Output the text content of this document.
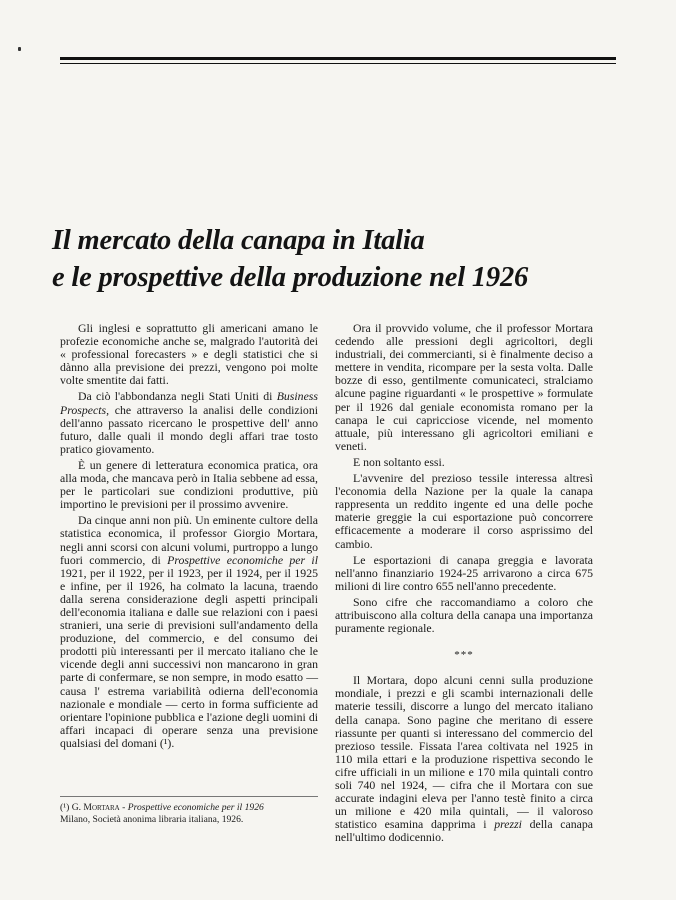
Il mercato della canapa in Italia
e le prospettive della produzione nel 1926

Gli inglesi e soprattutto gli americani amano le profezie economiche anche se, malgrado l'autorità dei « professional forecasters » e degli statistici che si dànno alla previsione dei prezzi, vengono poi molte volte smentite dai fatti.

Da ciò l'abbondanza negli Stati Uniti di Business Prospects, che attraverso la analisi delle condizioni dell'anno passato ricercano le prospettive dell' anno futuro, dalle quali il mondo degli affari trae tosto pratico giovamento.

È un genere di letteratura economica pratica, ora alla moda, che mancava però in Italia sebbene ad essa, per le particolari sue condizioni produttive, più importino le previsioni per il prossimo avvenire.

Da cinque anni non più. Un eminente cultore della statistica economica, il professor Giorgio Mortara, negli anni scorsi con alcuni volumi, purtroppo a lungo fuori commercio, di Prospettive economiche per il 1921, per il 1922, per il 1923, per il 1924, per il 1925 e infine, per il 1926, ha colmato la lacuna, traendo dalla serena considerazione degli aspetti principali dell'economia italiana e dalle sue relazioni con i paesi stranieri, una serie di previsioni sull'andamento della produzione, del commercio, e del consumo dei prodotti più interessanti per il mercato italiano che le vicende degli anni successivi non mancarono in gran parte di confermare, se non sempre, in modo esatto — causa l' estrema variabilità odierna dell'economia nazionale e mondiale — certo in forma sufficiente ad orientare l'opinione pubblica e l'azione degli uomini di affari incapaci di operare senza una previsione qualsiasi del domani (¹).

Ora il provvido volume, che il professor Mortara cedendo alle pressioni degli agricoltori, degli industriali, dei commercianti, si è finalmente deciso a mettere in vendita, ricompare per la sesta volta. Dalle bozze di esso, gentilmente comunicateci, stralciamo alcune pagine riguardanti « le prospettive » formulate per il 1926 dal geniale economista romano per la canapa le cui capricciose vicende, nel momento attuale, più interessano gli agricoltori emiliani e veneti.

E non soltanto essi.

L'avvenire del prezioso tessile interessa altresì l'economia della Nazione per la quale la canapa rappresenta un reddito ingente ed una delle poche materie greggie la cui esportazione può concorrere efficacemente a moderare il corso asprissimo del cambio.

Le esportazioni di canapa greggia e lavorata nell'anno finanziario 1924-25 arrivarono a circa 675 milioni di lire contro 655 nell'anno precedente.

Sono cifre che raccomandiamo a coloro che attribuiscono alla coltura della canapa una importanza puramente regionale.

***

Il Mortara, dopo alcuni cenni sulla produzione mondiale, i prezzi e gli scambi internazionali delle materie tessili, discorre a lungo del mercato italiano della canapa. Sono pagine che meritano di essere riassunte per quanti si interessano del commercio del prezioso tessile. Fissata l'area coltivata nel 1925 in 110 mila ettari e la produzione rispettiva secondo le cifre ufficiali in un milione e 170 mila quintali contro soli 740 nel 1924, — cifra che il Mortara con sue accurate indagini eleva per l'anno testè finito a circa un milione e 420 mila quintali, — il valoroso statistico esamina dapprima i prezzi della canapa nell'ultimo dodicennio.

(¹) G. Mortara - Prospettive economiche per il 1926

Milano, Società anonima libraria italiana, 1926.
